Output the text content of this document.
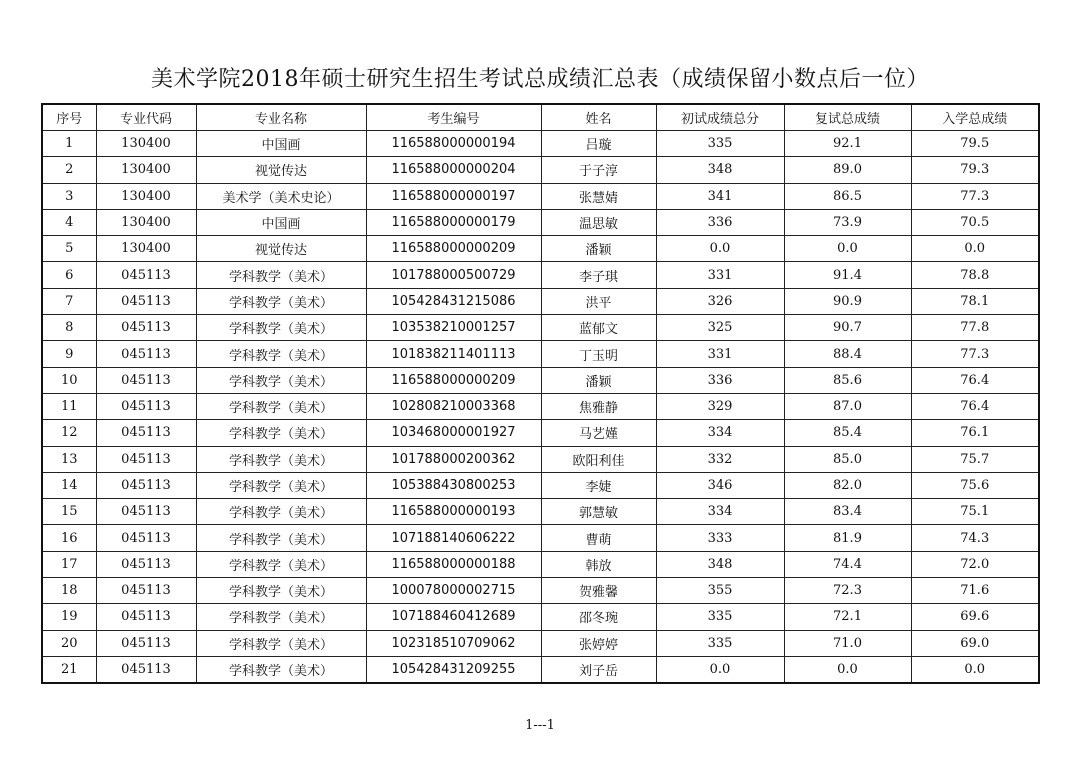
美术学院2018年硕士研究生招生考试总成绩汇总表（成绩保留小数点后一位）
序号	专业代码	专业名称	考生编号	姓名	初试成绩总分	复试总成绩	入学总成绩
1	130400	中国画	116588000000194	吕璇	335	92.1	79.5
2	130400	视觉传达	116588000000204	于子淳	348	89.0	79.3
3	130400	美术学（美术史论）	116588000000197	张慧婧	341	86.5	77.3
4	130400	中国画	116588000000179	温思敏	336	73.9	70.5
5	130400	视觉传达	116588000000209	潘颖	0.0	0.0	0.0
6	045113	学科教学（美术）	101788000500729	李子琪	331	91.4	78.8
7	045113	学科教学（美术）	105428431215086	洪平	326	90.9	78.1
8	045113	学科教学（美术）	103538210001257	蓝郁文	325	90.7	77.8
9	045113	学科教学（美术）	101838211401113	丁玉明	331	88.4	77.3
10	045113	学科教学（美术）	116588000000209	潘颖	336	85.6	76.4
11	045113	学科教学（美术）	102808210003368	焦雅静	329	87.0	76.4
12	045113	学科教学（美术）	103468000001927	马艺嫤	334	85.4	76.1
13	045113	学科教学（美术）	101788000200362	欧阳利佳	332	85.0	75.7
14	045113	学科教学（美术）	105388430800253	李婕	346	82.0	75.6
15	045113	学科教学（美术）	116588000000193	郭慧敏	334	83.4	75.1
16	045113	学科教学（美术）	107188140606222	曹萌	333	81.9	74.3
17	045113	学科教学（美术）	116588000000188	韩放	348	74.4	72.0
18	045113	学科教学（美术）	100078000002715	贺雅馨	355	72.3	71.6
19	045113	学科教学（美术）	107188460412689	邵冬琬	335	72.1	69.6
20	045113	学科教学（美术）	102318510709062	张婷婷	335	71.0	69.0
21	045113	学科教学（美术）	105428431209255	刘子岳	0.0	0.0	0.0
1---1
